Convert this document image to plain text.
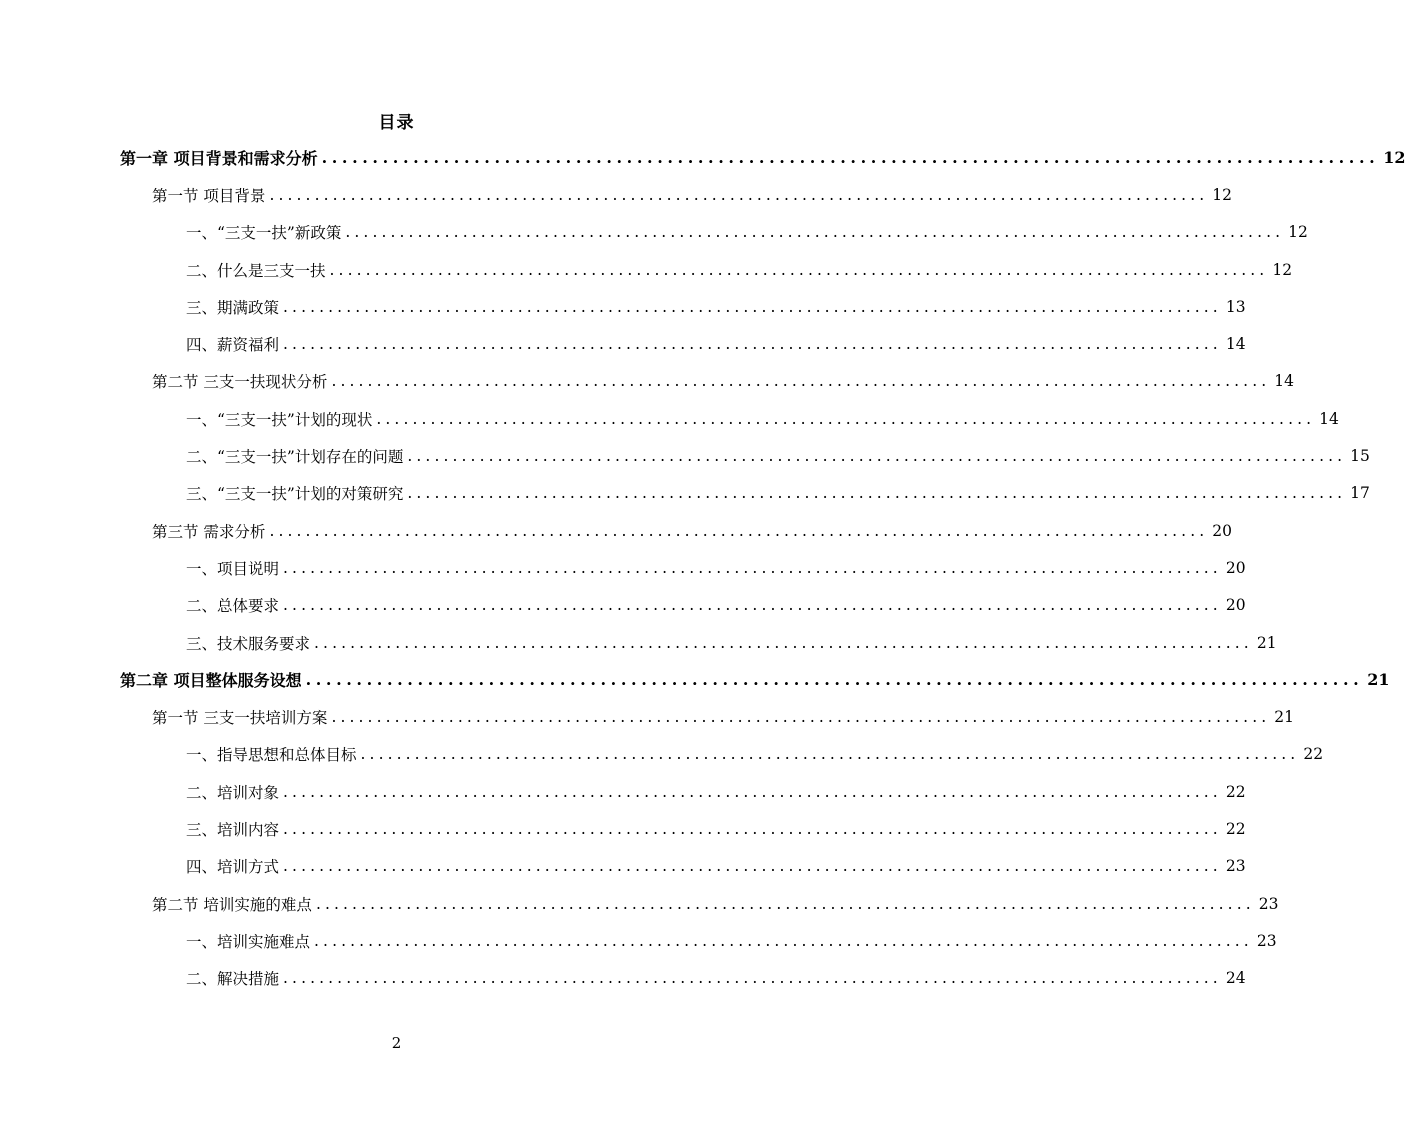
目录
第一章 项目背景和需求分析 ........................................................................................................ 12
第一节 项目背景 ........................................................................................................ 12
一、“三支一扶”新政策 ........................................................................................................ 12
二、什么是三支一扶 ........................................................................................................ 12
三、期满政策 ........................................................................................................ 13
四、薪资福利 ........................................................................................................ 14
第二节 三支一扶现状分析 ........................................................................................................ 14
一、“三支一扶”计划的现状 ........................................................................................................ 14
二、“三支一扶”计划存在的问题 ........................................................................................................ 15
三、“三支一扶”计划的对策研究 ........................................................................................................ 17
第三节 需求分析 ........................................................................................................ 20
一、项目说明 ........................................................................................................ 20
二、总体要求 ........................................................................................................ 20
三、技术服务要求 ........................................................................................................ 21
第二章 项目整体服务设想 ........................................................................................................ 21
第一节 三支一扶培训方案 ........................................................................................................ 21
一、指导思想和总体目标 ........................................................................................................ 22
二、培训对象 ........................................................................................................ 22
三、培训内容 ........................................................................................................ 22
四、培训方式 ........................................................................................................ 23
第二节 培训实施的难点 ........................................................................................................ 23
一、培训实施难点 ........................................................................................................ 23
二、解决措施 ........................................................................................................ 24
2
